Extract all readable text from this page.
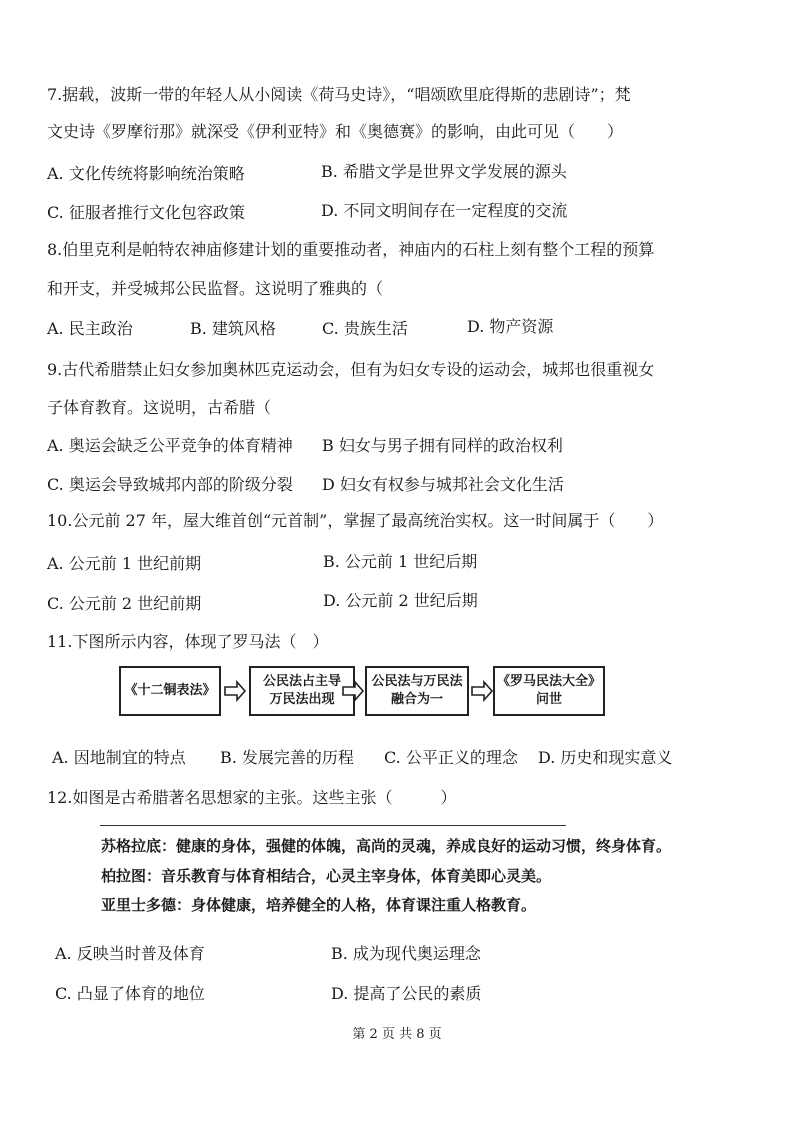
7.据载，波斯一带的年轻人从小阅读《荷马史诗》，“唱颂欧里庇得斯的悲剧诗”；梵
文史诗《罗摩衍那》就深受《伊利亚特》和《奥德赛》的影响，由此可见（　　）
A. 文化传统将影响统治策略	B. 希腊文学是世界文学发展的源头
C. 征服者推行文化包容政策	D. 不同文明间存在一定程度的交流
8.伯里克利是帕特农神庙修建计划的重要推动者，神庙内的石柱上刻有整个工程的预算
和开支，并受城邦公民监督。这说明了雅典的（
A. 民主政治	B. 建筑风格	C. 贵族生活	D. 物产资源
9.古代希腊禁止妇女参加奥林匹克运动会，但有为妇女专设的运动会，城邦也很重视女
子体育教育。这说明，古希腊（
A. 奥运会缺乏公平竞争的体育精神 B 妇女与男子拥有同样的政治权利
C. 奥运会导致城邦内部的阶级分裂 D 妇女有权参与城邦社会文化生活
10.公元前 27 年，屋大维首创“元首制”，掌握了最高统治实权。这一时间属于（　　）
A. 公元前 1 世纪前期	B. 公元前 1 世纪后期
C. 公元前 2 世纪前期	D. 公元前 2 世纪后期
11.下图所示内容，体现了罗马法（　）
《十二铜表法》
公民法占主导
万民法出现
公民法与万民法
融合为一
《罗马民法大全》
问世
A. 因地制宜的特点 B. 发展完善的历程 C. 公平正义的理念 D. 历史和现实意义
12.如图是古希腊著名思想家的主张。这些主张（　　　）
苏格拉底：健康的身体，强健的体魄，高尚的灵魂，养成良好的运动习惯，终身体育。
柏拉图：音乐教育与体育相结合，心灵主宰身体，体育美即心灵美。
亚里士多德：身体健康，培养健全的人格，体育课注重人格教育。
A. 反映当时普及体育	B. 成为现代奥运理念
C. 凸显了体育的地位	D. 提高了公民的素质
第 2 页 共 8 页
